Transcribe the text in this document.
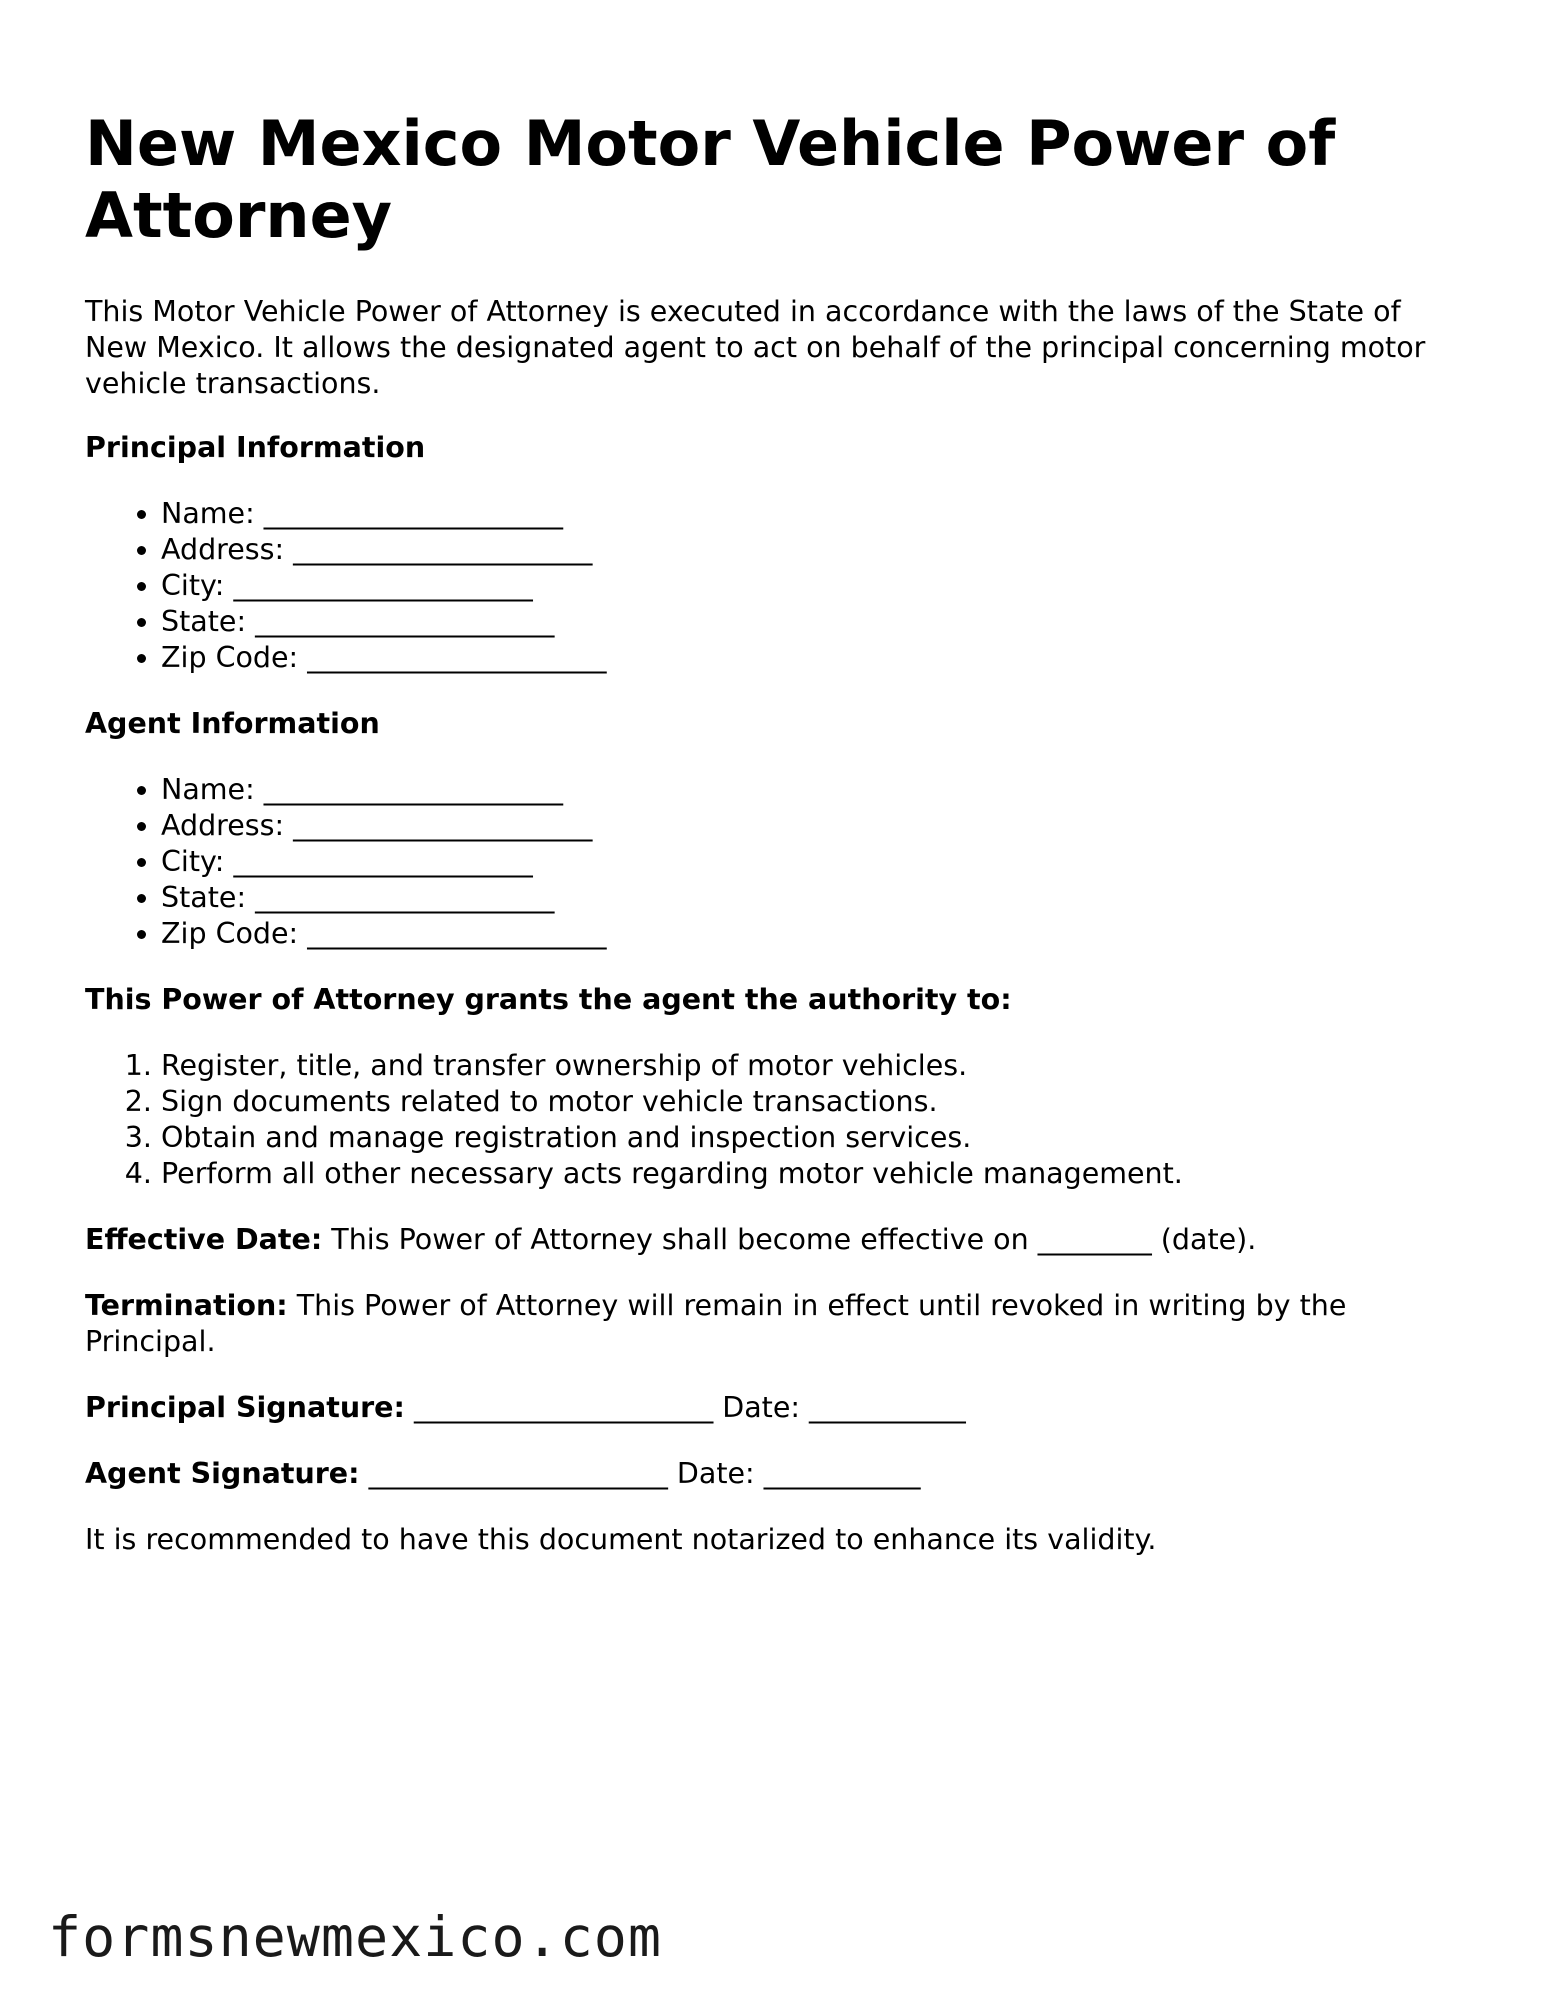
New Mexico Motor Vehicle Power of Attorney

This Motor Vehicle Power of Attorney is executed in accordance with the laws of the State of New Mexico. It allows the designated agent to act on behalf of the principal concerning motor vehicle transactions.

Principal Information

• Name: _____________________
• Address: _____________________
• City: _____________________
• State: _____________________
• Zip Code: _____________________

Agent Information

• Name: _____________________
• Address: _____________________
• City: _____________________
• State: _____________________
• Zip Code: _____________________

This Power of Attorney grants the agent the authority to:

1. Register, title, and transfer ownership of motor vehicles.
2. Sign documents related to motor vehicle transactions.
3. Obtain and manage registration and inspection services.
4. Perform all other necessary acts regarding motor vehicle management.

Effective Date: This Power of Attorney shall become effective on ________ (date).

Termination: This Power of Attorney will remain in effect until revoked in writing by the Principal.

Principal Signature: _____________________ Date: ___________

Agent Signature: _____________________ Date: ___________

It is recommended to have this document notarized to enhance its validity.

formsnewmexico.com
